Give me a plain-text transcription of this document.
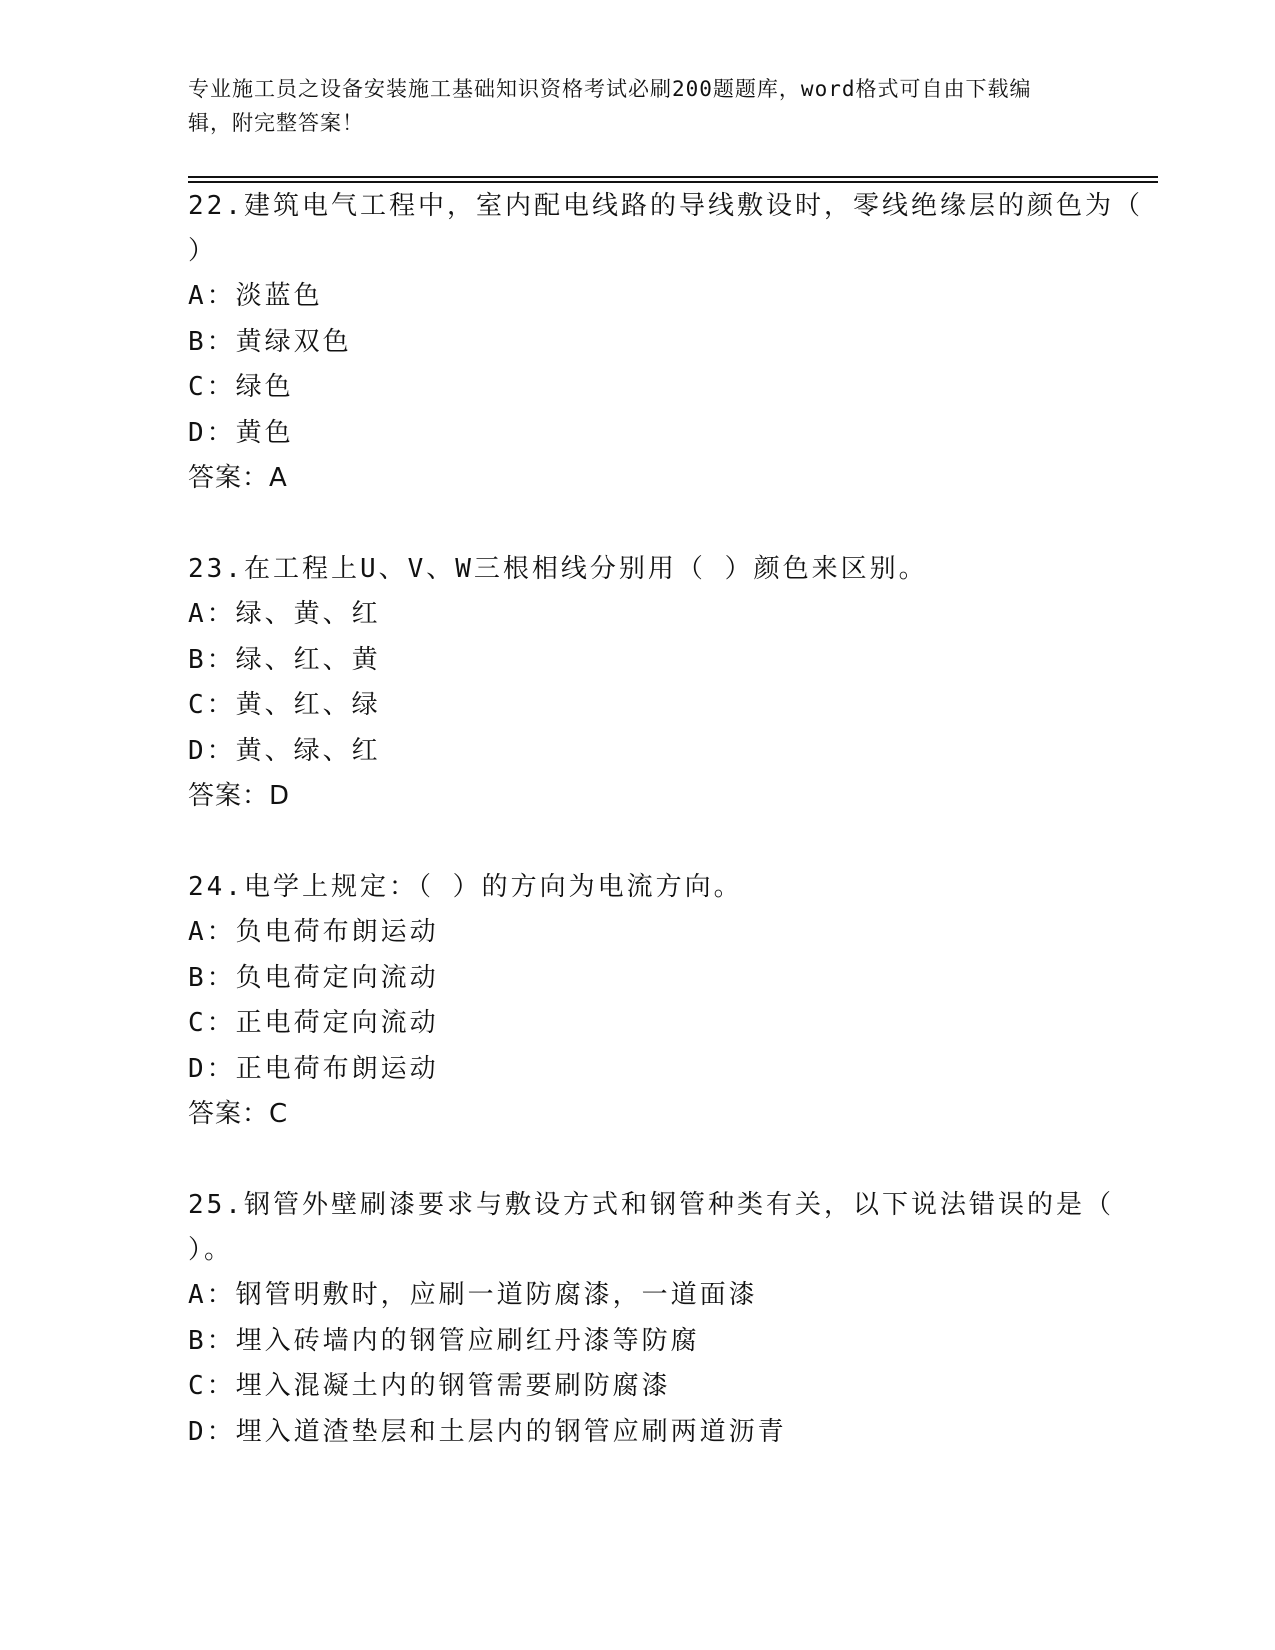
专业施工员之设备安装施工基础知识资格考试必刷200题题库，word格式可自由下载编辑，附完整答案！

22.建筑电气工程中，室内配电线路的导线敷设时，零线绝缘层的颜色为（ ）

A：淡蓝色

B：黄绿双色

C：绿色

D：黄色

答案：A

23.在工程上U、V、W三根相线分别用（ ）颜色来区别。

A：绿、黄、红

B：绿、红、黄

C：黄、红、绿

D：黄、绿、红

答案：D

24.电学上规定：（ ）的方向为电流方向。

A：负电荷布朗运动

B：负电荷定向流动

C：正电荷定向流动

D：正电荷布朗运动

答案：C

25.钢管外壁刷漆要求与敷设方式和钢管种类有关，以下说法错误的是（ ）。

A：钢管明敷时，应刷一道防腐漆，一道面漆

B：埋入砖墙内的钢管应刷红丹漆等防腐

C：埋入混凝土内的钢管需要刷防腐漆

D：埋入道渣垫层和土层内的钢管应刷两道沥青
